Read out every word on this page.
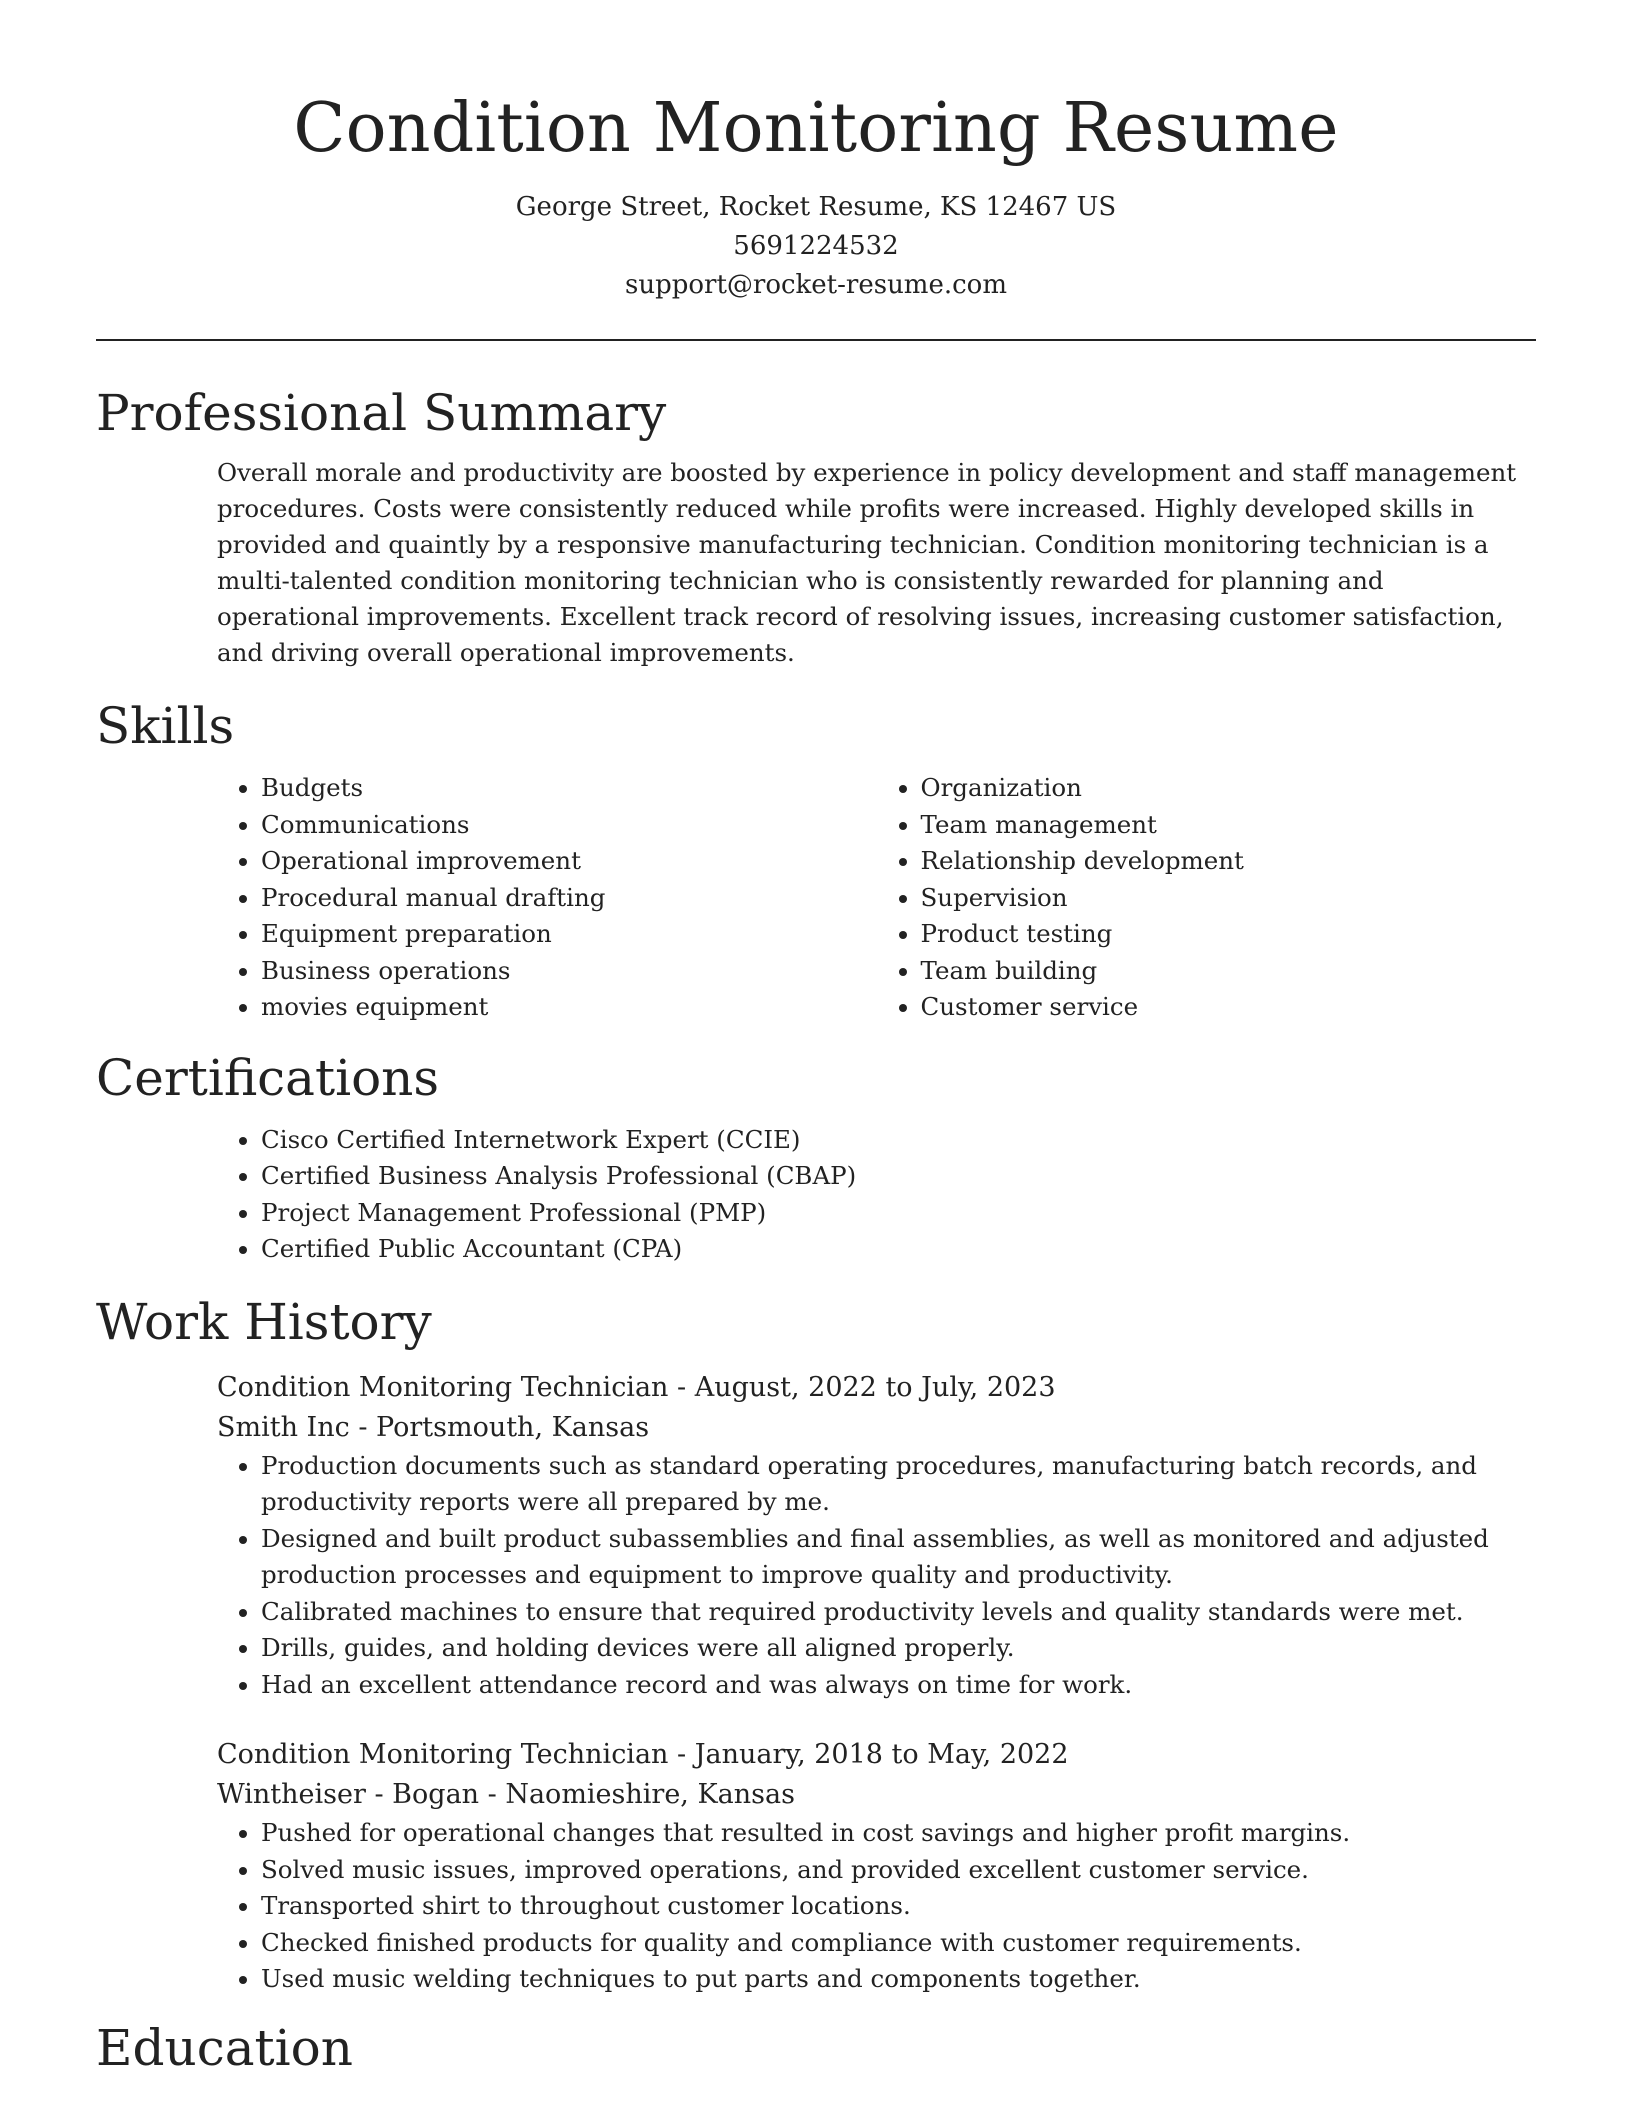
Condition Monitoring Resume
George Street, Rocket Resume, KS 12467 US
5691224532
support@rocket-resume.com
Professional Summary

Overall morale and productivity are boosted by experience in policy development and staff management procedures. Costs were consistently reduced while profits were increased. Highly developed skills in provided and quaintly by a responsive manufacturing technician. Condition monitoring technician is a multi-talented condition monitoring technician who is consistently rewarded for planning and operational improvements. Excellent track record of resolving issues, increasing customer satisfaction, and driving overall operational improvements.

Skills
• Budgets
• Communications
• Operational improvement
• Procedural manual drafting
• Equipment preparation
• Business operations
• movies equipment
• Organization
• Team management
• Relationship development
• Supervision
• Product testing
• Team building
• Customer service
Certifications
• Cisco Certified Internetwork Expert (CCIE)
• Certified Business Analysis Professional (CBAP)
• Project Management Professional (PMP)
• Certified Public Accountant (CPA)
Work History
Condition Monitoring Technician - August, 2022 to July, 2023
Smith Inc - Portsmouth, Kansas
• Production documents such as standard operating procedures, manufacturing batch records, and productivity reports were all prepared by me.
• Designed and built product subassemblies and final assemblies, as well as monitored and adjusted production processes and equipment to improve quality and productivity.
• Calibrated machines to ensure that required productivity levels and quality standards were met.
• Drills, guides, and holding devices were all aligned properly.
• Had an excellent attendance record and was always on time for work.
Condition Monitoring Technician - January, 2018 to May, 2022
Wintheiser - Bogan - Naomieshire, Kansas
• Pushed for operational changes that resulted in cost savings and higher profit margins.
• Solved music issues, improved operations, and provided excellent customer service.
• Transported shirt to throughout customer locations.
• Checked finished products for quality and compliance with customer requirements.
• Used music welding techniques to put parts and components together.
Education
